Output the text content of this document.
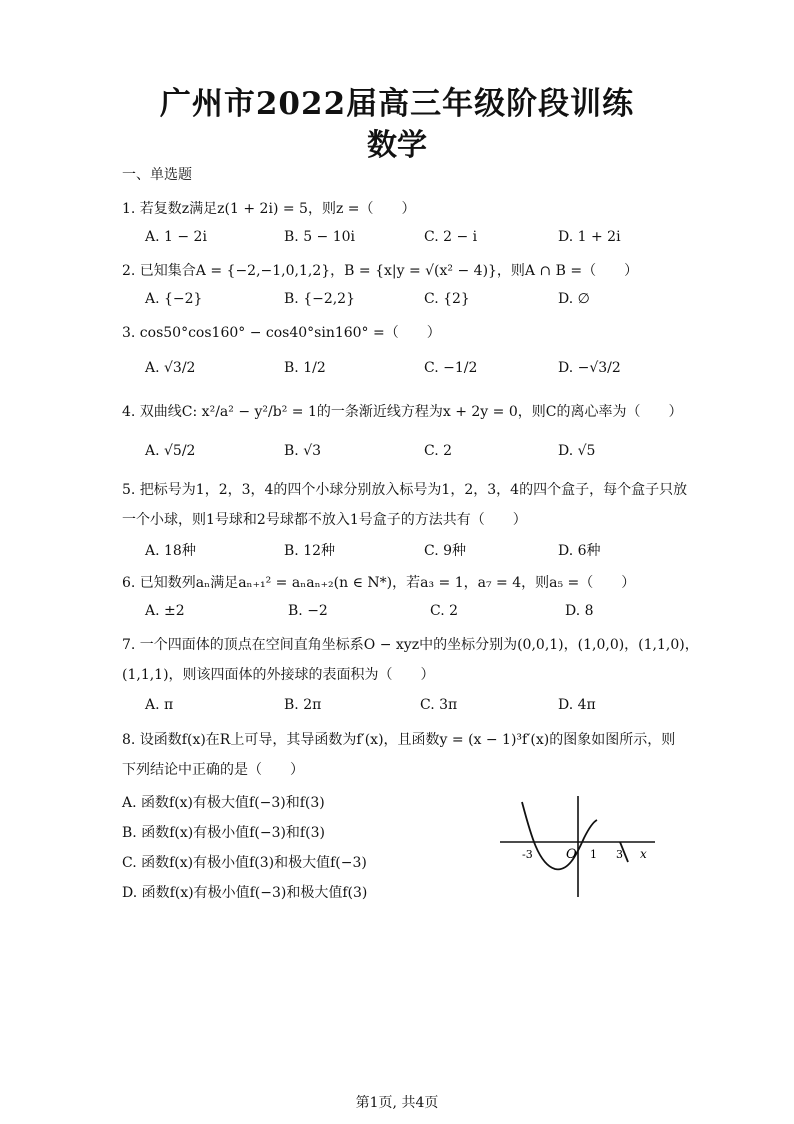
广州市2022届高三年级阶段训练
数学
一、单选题
1. 若复数z满足z(1 + 2i) = 5，则z =（　　）
A. 1 − 2i	B. 5 − 10i	C. 2 − i	D. 1 + 2i
2. 已知集合A = {−2,−1,0,1,2}，B = {x|y = √(x² − 4)}，则A ∩ B =（　　）
A. {−2}	B. {−2,2}	C. {2}	D. ∅
3. cos50°cos160° − cos40°sin160° =（　　）
A. √3/2	B. 1/2	C. −1/2	D. −√3/2
4. 双曲线C: x²/a² − y²/b² = 1的一条渐近线方程为x + 2y = 0，则C的离心率为（　　）
A. √5/2	B. √3	C. 2	D. √5
5. 把标号为1，2，3，4的四个小球分别放入标号为1，2，3，4的四个盒子，每个盒子只放
一个小球，则1号球和2号球都不放入1号盒子的方法共有（　　）
A. 18种	B. 12种	C. 9种	D. 6种
6. 已知数列aₙ满足aₙ₊₁² = aₙaₙ₊₂(n ∈ N*)，若a₃ = 1，a₇ = 4，则a₅ =（　　）
A. ±2	B. −2	C. 2	D. 8
7. 一个四面体的顶点在空间直角坐标系O − xyz中的坐标分别为(0,0,1)，(1,0,0)，(1,1,0)，
(1,1,1)，则该四面体的外接球的表面积为（　　）
A. π	B. 2π	C. 3π	D. 4π
8. 设函数f(x)在R上可导，其导函数为f′(x)，且函数y = (x − 1)³f′(x)的图象如图所示，则
下列结论中正确的是（　　）
A. 函数f(x)有极大值f(−3)和f(3)
B. 函数f(x)有极小值f(−3)和f(3)
C. 函数f(x)有极小值f(3)和极大值f(−3)
D. 函数f(x)有极小值f(−3)和极大值f(3)
-3	O 1 3 x
第1页, 共4页
